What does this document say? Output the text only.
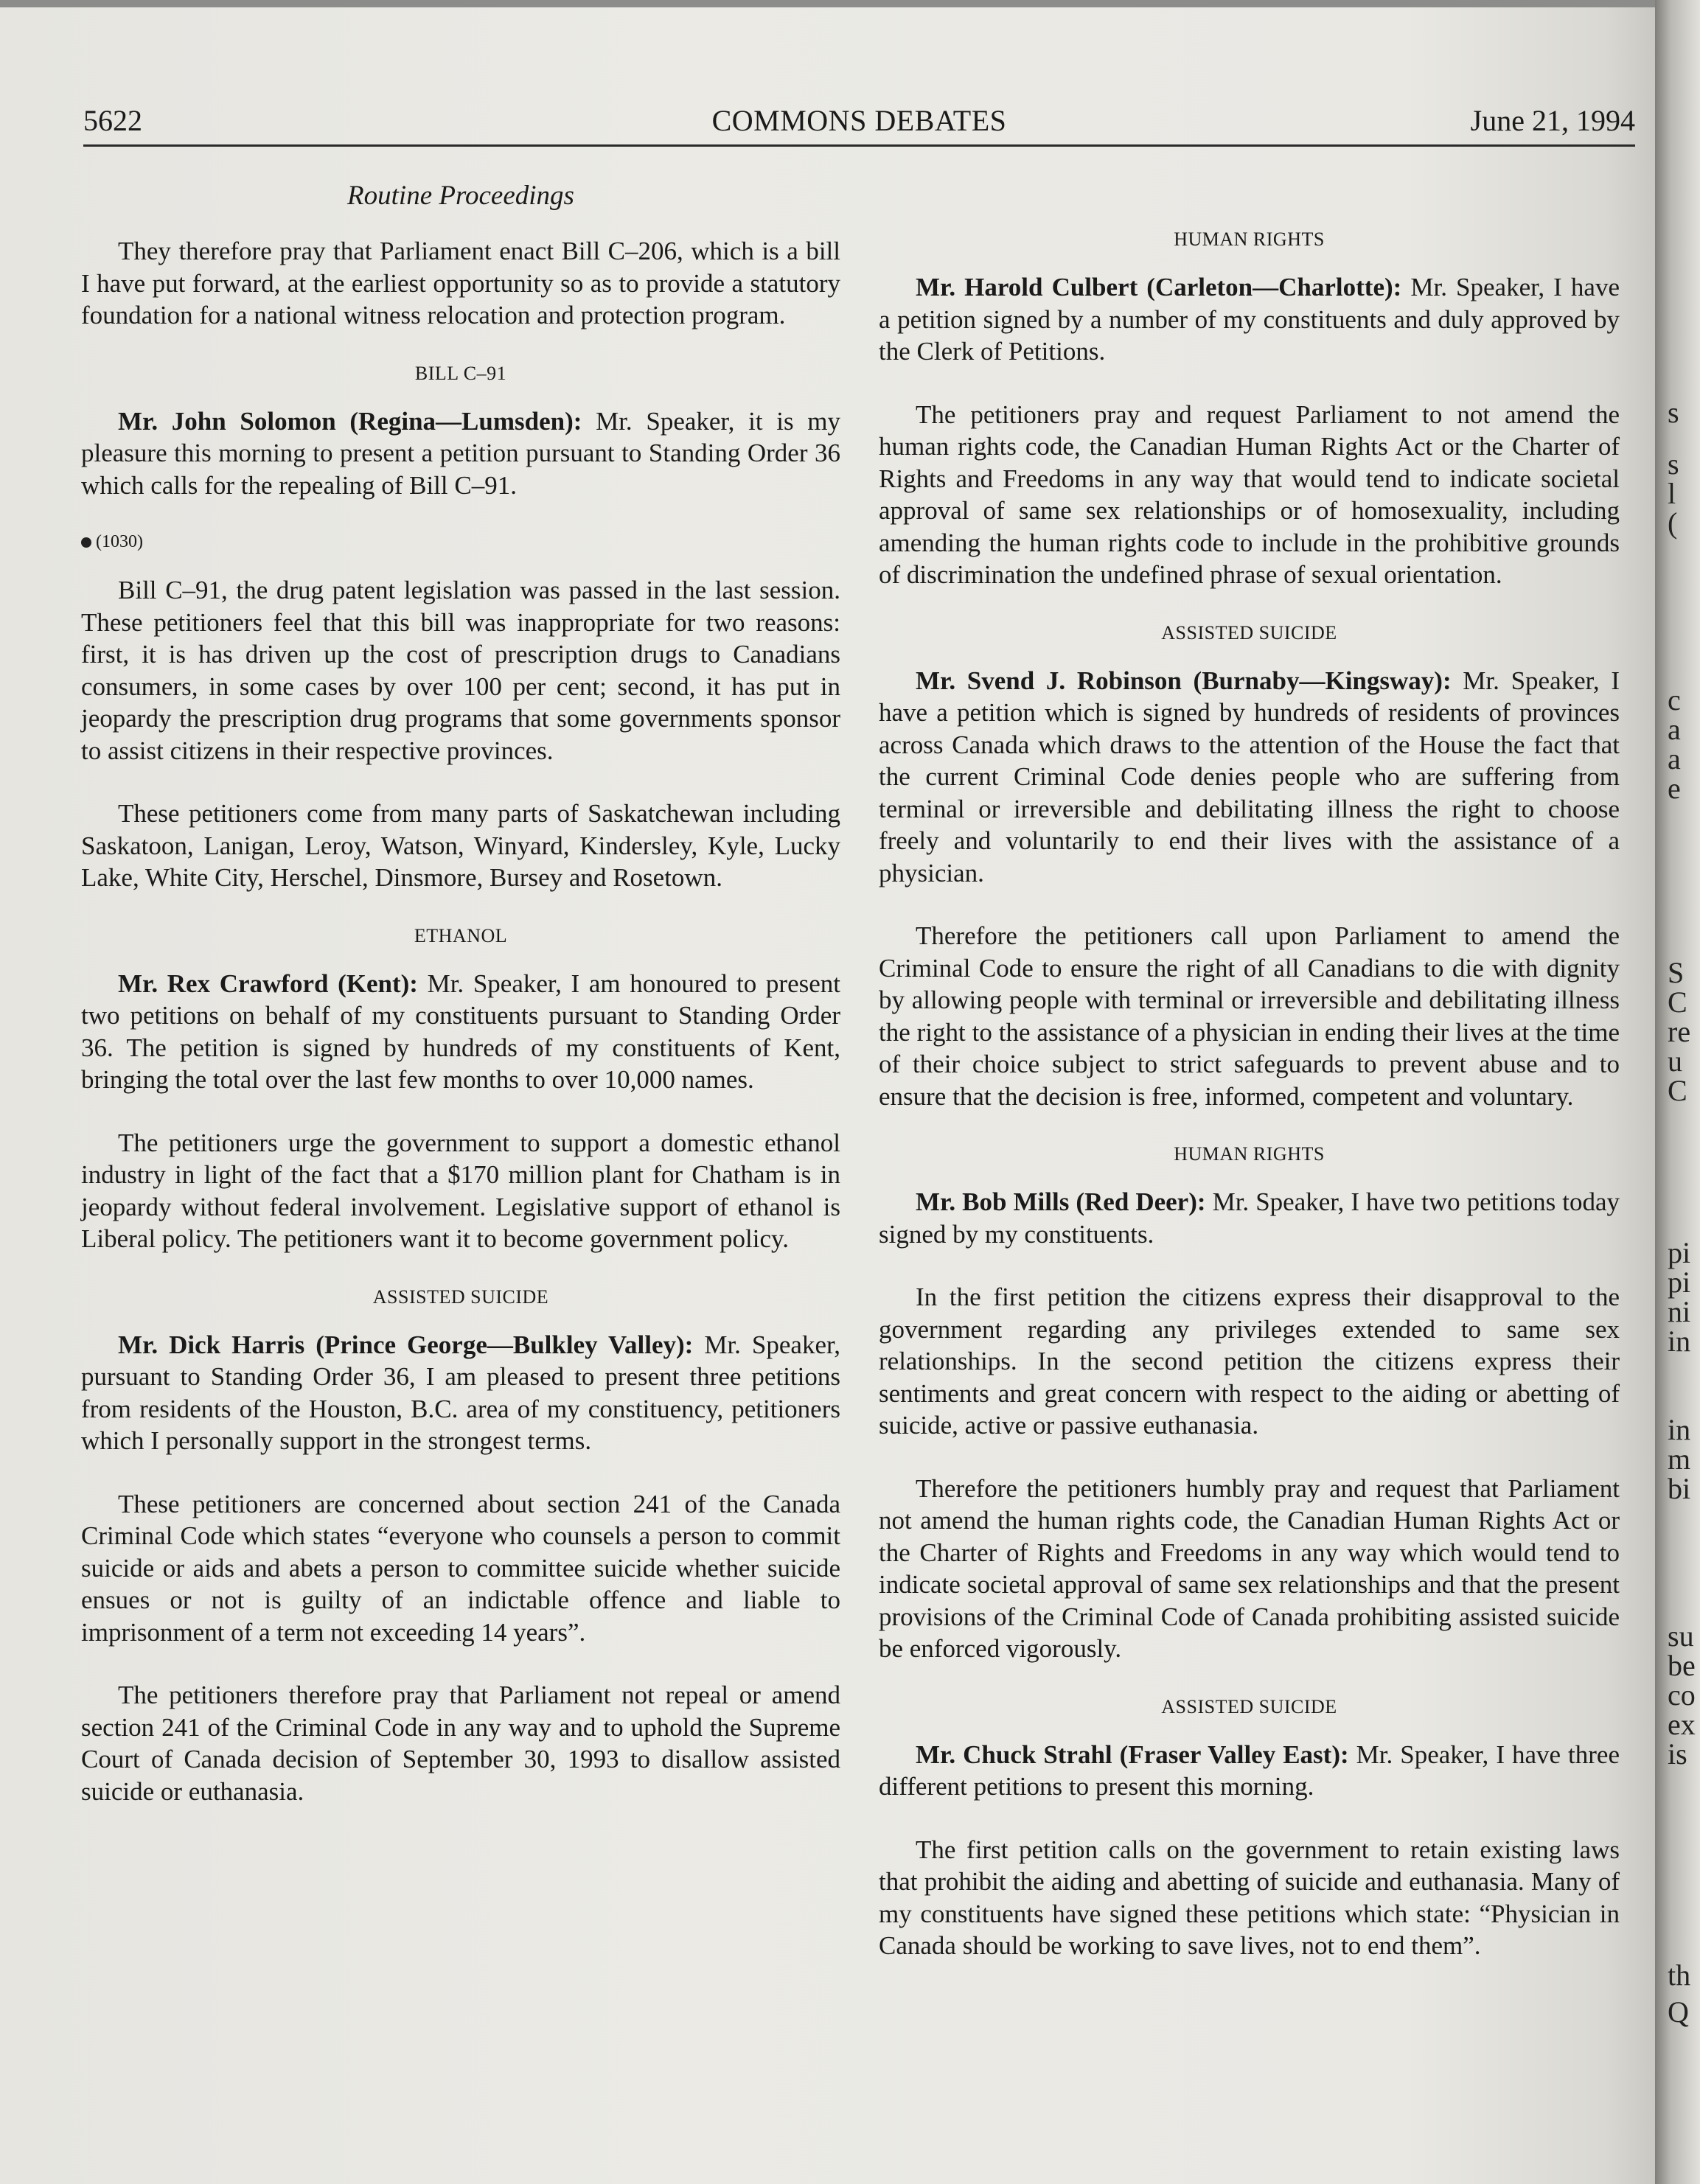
s
s
l
(
c
a
a
e
S
C
re
u
C
pi
pi
ni
in
in
m
bi
su
be
co
ex
is
th
Q
5622	COMMONS DEBATES	June 21, 1994
Routine Proceedings

They therefore pray that Parliament enact Bill C–206, which is a bill I have put forward, at the earliest opportunity so as to provide a statutory foundation for a national witness relocation and protection program.

BILL C–91

Mr. John Solomon (Regina—Lumsden): Mr. Speaker, it is my pleasure this morning to present a petition pursuant to Standing Order 36 which calls for the repealing of Bill C–91.

(1030)

Bill C–91, the drug patent legislation was passed in the last session. These petitioners feel that this bill was inappropriate for two reasons: first, it is has driven up the cost of prescription drugs to Canadians consumers, in some cases by over 100 per cent; second, it has put in jeopardy the prescription drug programs that some governments sponsor to assist citizens in their respective provinces.

These petitioners come from many parts of Saskatchewan including Saskatoon, Lanigan, Leroy, Watson, Winyard, Kindersley, Kyle, Lucky Lake, White City, Herschel, Dinsmore, Bursey and Rosetown.

ETHANOL

Mr. Rex Crawford (Kent): Mr. Speaker, I am honoured to present two petitions on behalf of my constituents pursuant to Standing Order 36. The petition is signed by hundreds of my constituents of Kent, bringing the total over the last few months to over 10,000 names.

The petitioners urge the government to support a domestic ethanol industry in light of the fact that a $170 million plant for Chatham is in jeopardy without federal involvement. Legislative support of ethanol is Liberal policy. The petitioners want it to become government policy.

ASSISTED SUICIDE

Mr. Dick Harris (Prince George—Bulkley Valley): Mr. Speaker, pursuant to Standing Order 36, I am pleased to present three petitions from residents of the Houston, B.C. area of my constituency, petitioners which I personally support in the strongest terms.

These petitioners are concerned about section 241 of the Canada Criminal Code which states “everyone who counsels a person to commit suicide or aids and abets a person to committee suicide whether suicide ensues or not is guilty of an indictable offence and liable to imprisonment of a term not exceeding 14 years”.

The petitioners therefore pray that Parliament not repeal or amend section 241 of the Criminal Code in any way and to uphold the Supreme Court of Canada decision of September 30, 1993 to disallow assisted suicide or euthanasia.

HUMAN RIGHTS

Mr. Harold Culbert (Carleton—Charlotte): Mr. Speaker, I have a petition signed by a number of my constituents and duly approved by the Clerk of Petitions.

The petitioners pray and request Parliament to not amend the human rights code, the Canadian Human Rights Act or the Charter of Rights and Freedoms in any way that would tend to indicate societal approval of same sex relationships or of homosexuality, including amending the human rights code to include in the prohibitive grounds of discrimination the undefined phrase of sexual orientation.

ASSISTED SUICIDE

Mr. Svend J. Robinson (Burnaby—Kingsway): Mr. Speaker, I have a petition which is signed by hundreds of residents of provinces across Canada which draws to the attention of the House the fact that the current Criminal Code denies people who are suffering from terminal or irreversible and debilitating illness the right to choose freely and voluntarily to end their lives with the assistance of a physician.

Therefore the petitioners call upon Parliament to amend the Criminal Code to ensure the right of all Canadians to die with dignity by allowing people with terminal or irreversible and debilitating illness the right to the assistance of a physician in ending their lives at the time of their choice subject to strict safeguards to prevent abuse and to ensure that the decision is free, informed, competent and voluntary.

HUMAN RIGHTS

Mr. Bob Mills (Red Deer): Mr. Speaker, I have two petitions today signed by my constituents.

In the first petition the citizens express their disapproval to the government regarding any privileges extended to same sex relationships. In the second petition the citizens express their sentiments and great concern with respect to the aiding or abetting of suicide, active or passive euthanasia.

Therefore the petitioners humbly pray and request that Parliament not amend the human rights code, the Canadian Human Rights Act or the Charter of Rights and Freedoms in any way which would tend to indicate societal approval of same sex relationships and that the present provisions of the Criminal Code of Canada prohibiting assisted suicide be enforced vigorously.

ASSISTED SUICIDE

Mr. Chuck Strahl (Fraser Valley East): Mr. Speaker, I have three different petitions to present this morning.

The first petition calls on the government to retain existing laws that prohibit the aiding and abetting of suicide and euthanasia. Many of my constituents have signed these petitions which state: “Physician in Canada should be working to save lives, not to end them”.
